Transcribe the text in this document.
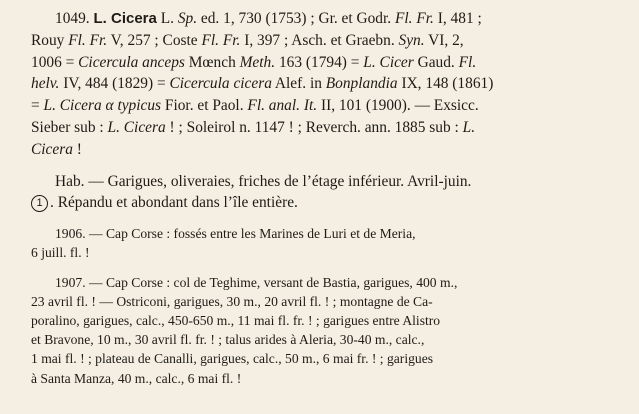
1049. L. Cicera L. Sp. ed. 1, 730 (1753) ; Gr. et Godr. Fl. Fr. I, 481 ;
Rouy Fl. Fr. V, 257 ; Coste Fl. Fr. I, 397 ; Asch. et Graebn. Syn. VI, 2,
1006 = Cicercula anceps Mœnch Meth. 163 (1794) = L. Cicer Gaud. Fl.
helv. IV, 484 (1829) = Cicercula cicera Alef. in Bonplandia IX, 148 (1861)
= L. Cicera α typicus Fior. et Paol. Fl. anal. It. II, 101 (1900). — Exsicc.
Sieber sub : L. Cicera ! ; Soleirol n. 1147 ! ; Reverch. ann. 1885 sub : L.
Cicera !
Hab. — Garigues, oliveraies, friches de l’étage inférieur. Avril-juin.
1 . Répandu et abondant dans l’île entière.
1906. — Cap Corse : fossés entre les Marines de Luri et de Meria,
6 juill. fl. !
1907. — Cap Corse : col de Teghime, versant de Bastia, garigues, 400 m.,
23 avril fl. ! — Ostriconi, garigues, 30 m., 20 avril fl. ! ; montagne de Ca-
poralino, garigues, calc., 450-650 m., 11 mai fl. fr. ! ; garigues entre Alistro
et Bravone, 10 m., 30 avril fl. fr. ! ; talus arides à Aleria, 30-40 m., calc.,
1 mai fl. ! ; plateau de Canalli, garigues, calc., 50 m., 6 mai fr. ! ; garigues
à Santa Manza, 40 m., calc., 6 mai fl. !
